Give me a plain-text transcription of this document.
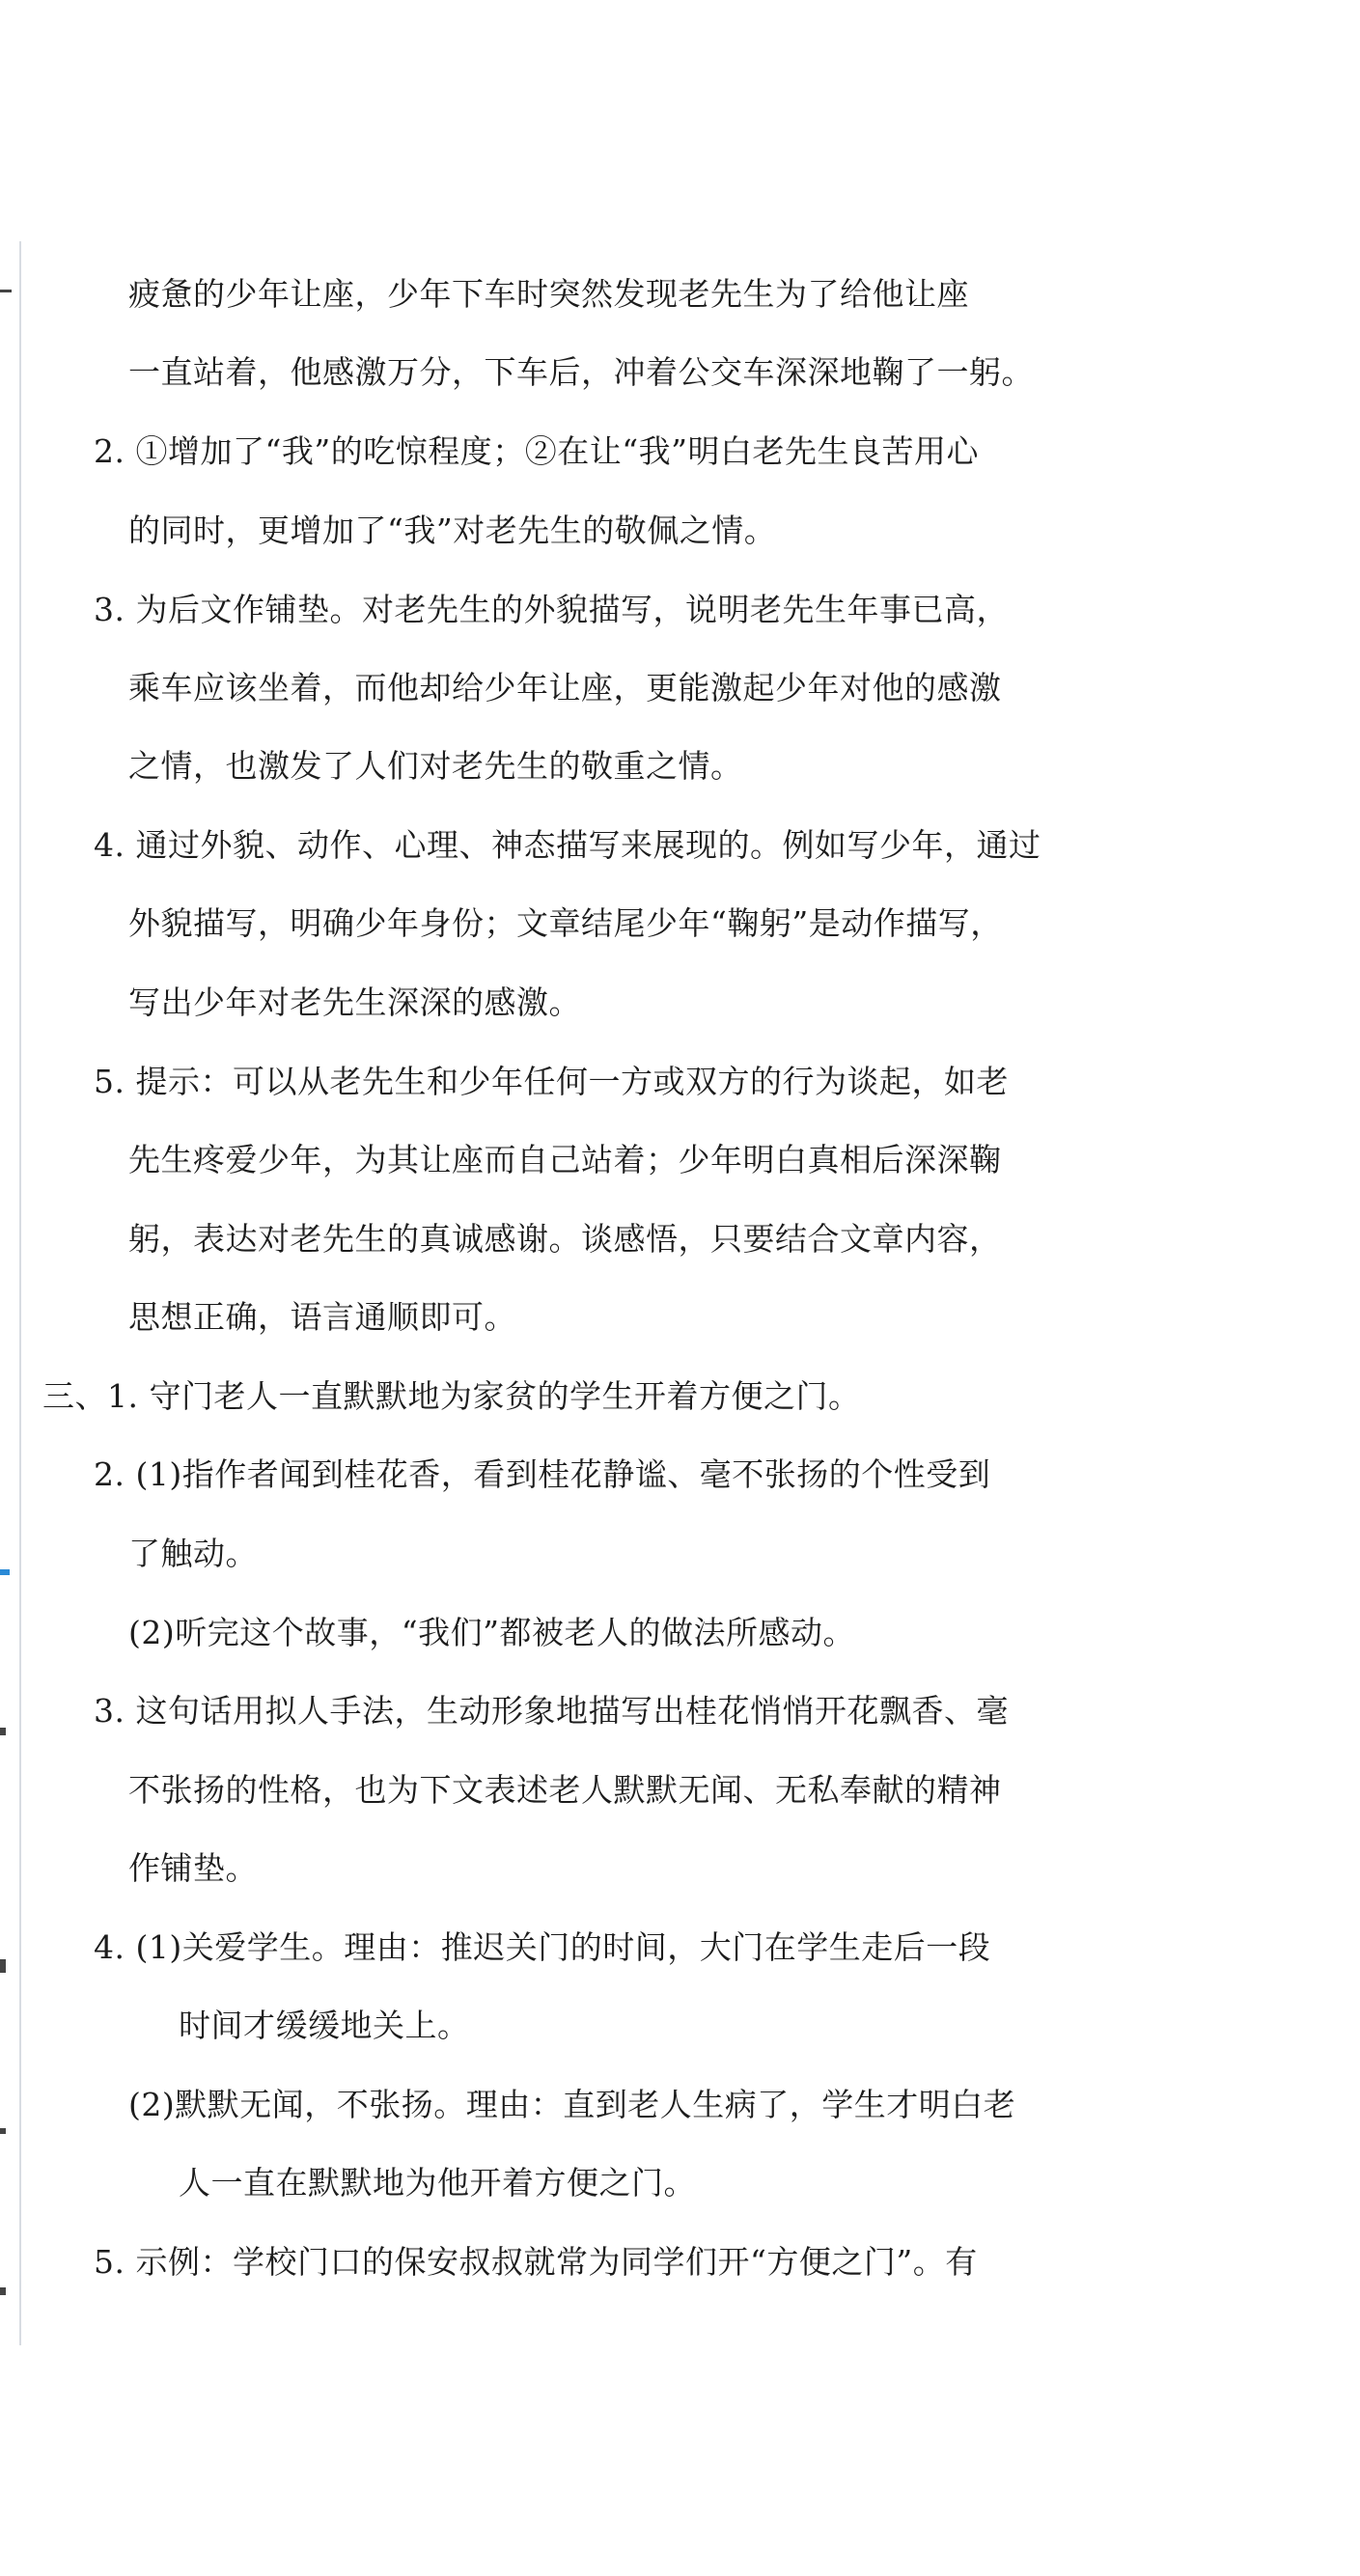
疲惫的少年让座，少年下车时突然发现老先生为了给他让座
一直站着，他感激万分，下车后，冲着公交车深深地鞠了一躬。
2. ①增加了“我”的吃惊程度；②在让“我”明白老先生良苦用心
的同时，更增加了“我”对老先生的敬佩之情。
3. 为后文作铺垫。对老先生的外貌描写，说明老先生年事已高，
乘车应该坐着，而他却给少年让座，更能激起少年对他的感激
之情，也激发了人们对老先生的敬重之情。
4. 通过外貌、动作、心理、神态描写来展现的。例如写少年，通过
外貌描写，明确少年身份；文章结尾少年“鞠躬”是动作描写，
写出少年对老先生深深的感激。
5. 提示：可以从老先生和少年任何一方或双方的行为谈起，如老
先生疼爱少年，为其让座而自己站着；少年明白真相后深深鞠
躬，表达对老先生的真诚感谢。谈感悟，只要结合文章内容，
思想正确，语言通顺即可。
三、1. 守门老人一直默默地为家贫的学生开着方便之门。
2. (1)指作者闻到桂花香，看到桂花静谧、毫不张扬的个性受到
了触动。
(2)听完这个故事，“我们”都被老人的做法所感动。
3. 这句话用拟人手法，生动形象地描写出桂花悄悄开花飘香、毫
不张扬的性格，也为下文表述老人默默无闻、无私奉献的精神
作铺垫。
4. (1)关爱学生。理由：推迟关门的时间，大门在学生走后一段
时间才缓缓地关上。
(2)默默无闻，不张扬。理由：直到老人生病了，学生才明白老
人一直在默默地为他开着方便之门。
5. 示例：学校门口的保安叔叔就常为同学们开“方便之门”。有
